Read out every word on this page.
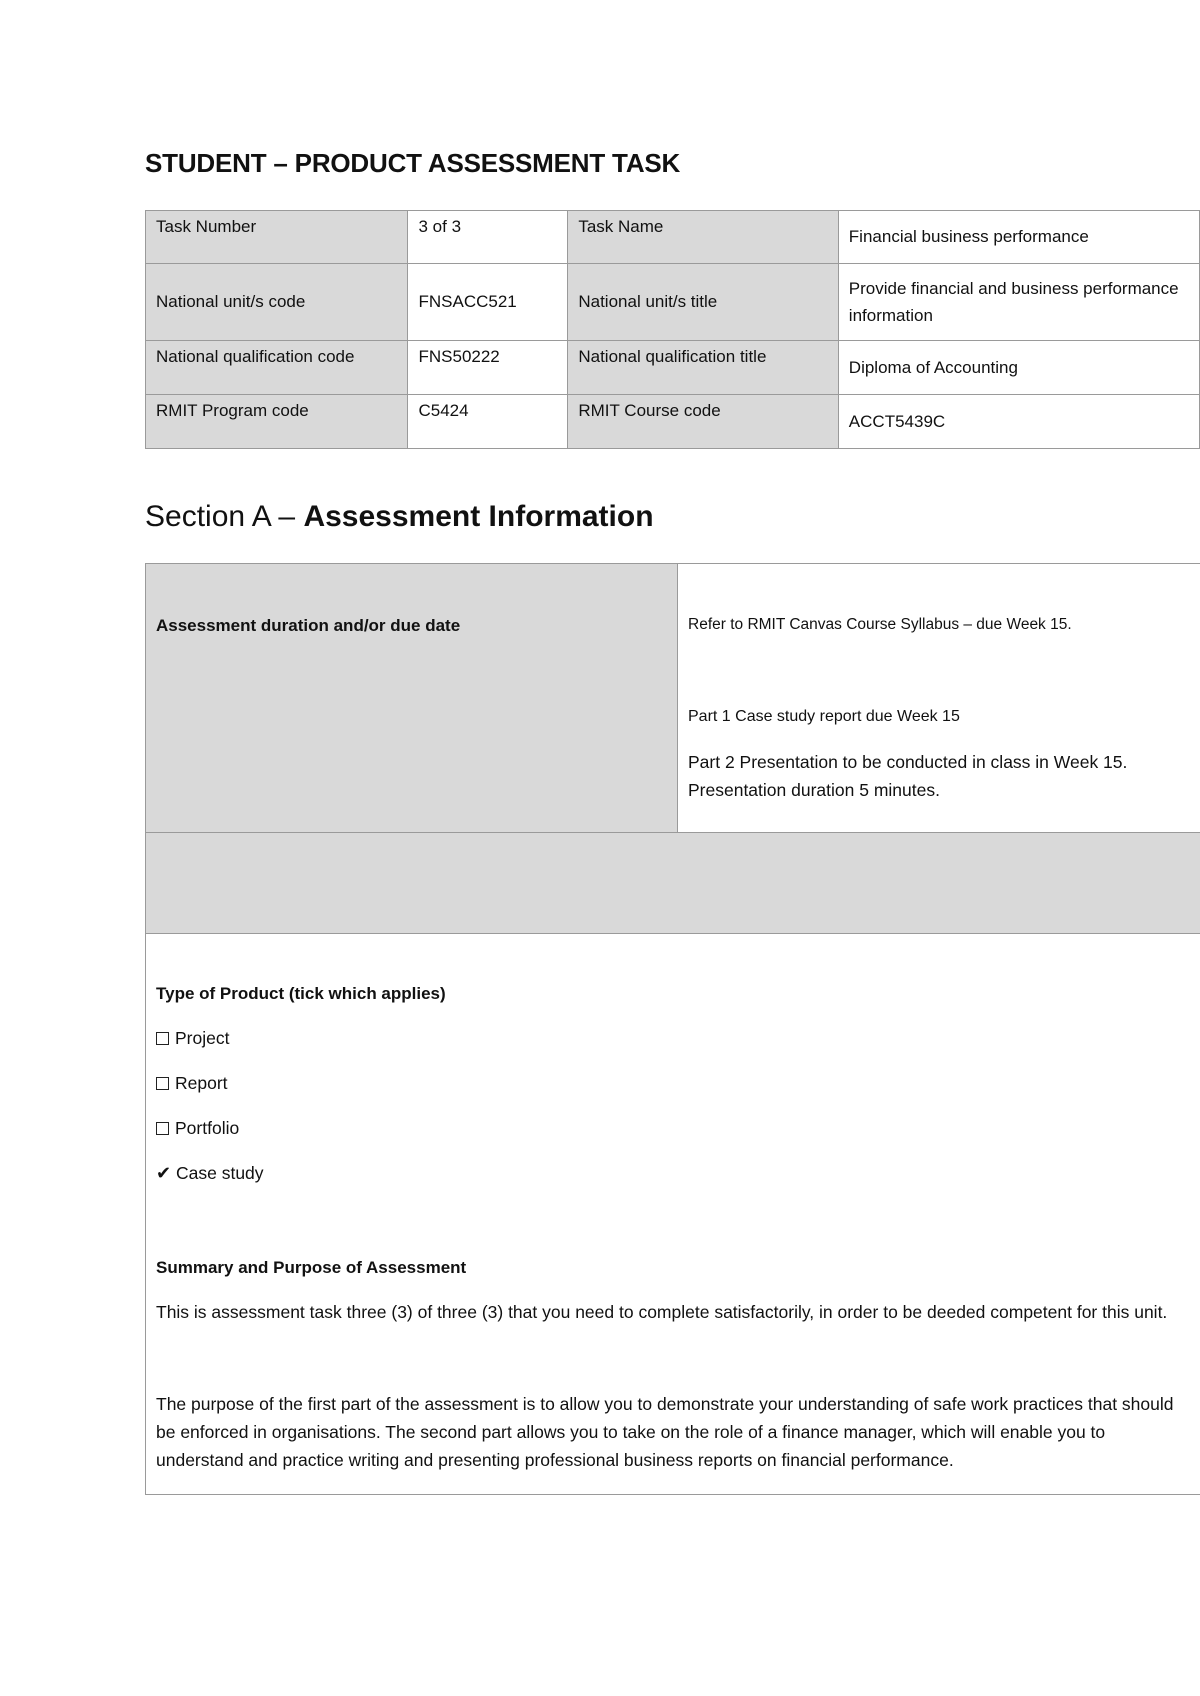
STUDENT – PRODUCT ASSESSMENT TASK
Task Number	3 of 3	Task Name	Financial business performance
National unit/s code	FNSACC521	National unit/s title	Provide financial and business performance information
National qualification code	FNS50222	National qualification title	Diploma of Accounting
RMIT Program code	C5424	RMIT Course code	ACCT5439C
Section A – Assessment Information
Assessment duration and/or due date	Refer to RMIT Canvas Course Syllabus – due Week 15.

Part 1 Case study report due Week 15

Part 2 Presentation to be conducted in class in Week 15. Presentation duration 5 minutes.

Type of Product (tick which applies)

Project

Report

Portfolio

✔ Case study

Summary and Purpose of Assessment

This is assessment task three (3) of three (3) that you need to complete satisfactorily, in order to be deeded competent for this unit.

The purpose of the first part of the assessment is to allow you to demonstrate your understanding of safe work practices that should be enforced in organisations. The second part allows you to take on the role of a finance manager, which will enable you to understand and practice writing and presenting professional business reports on financial performance.
